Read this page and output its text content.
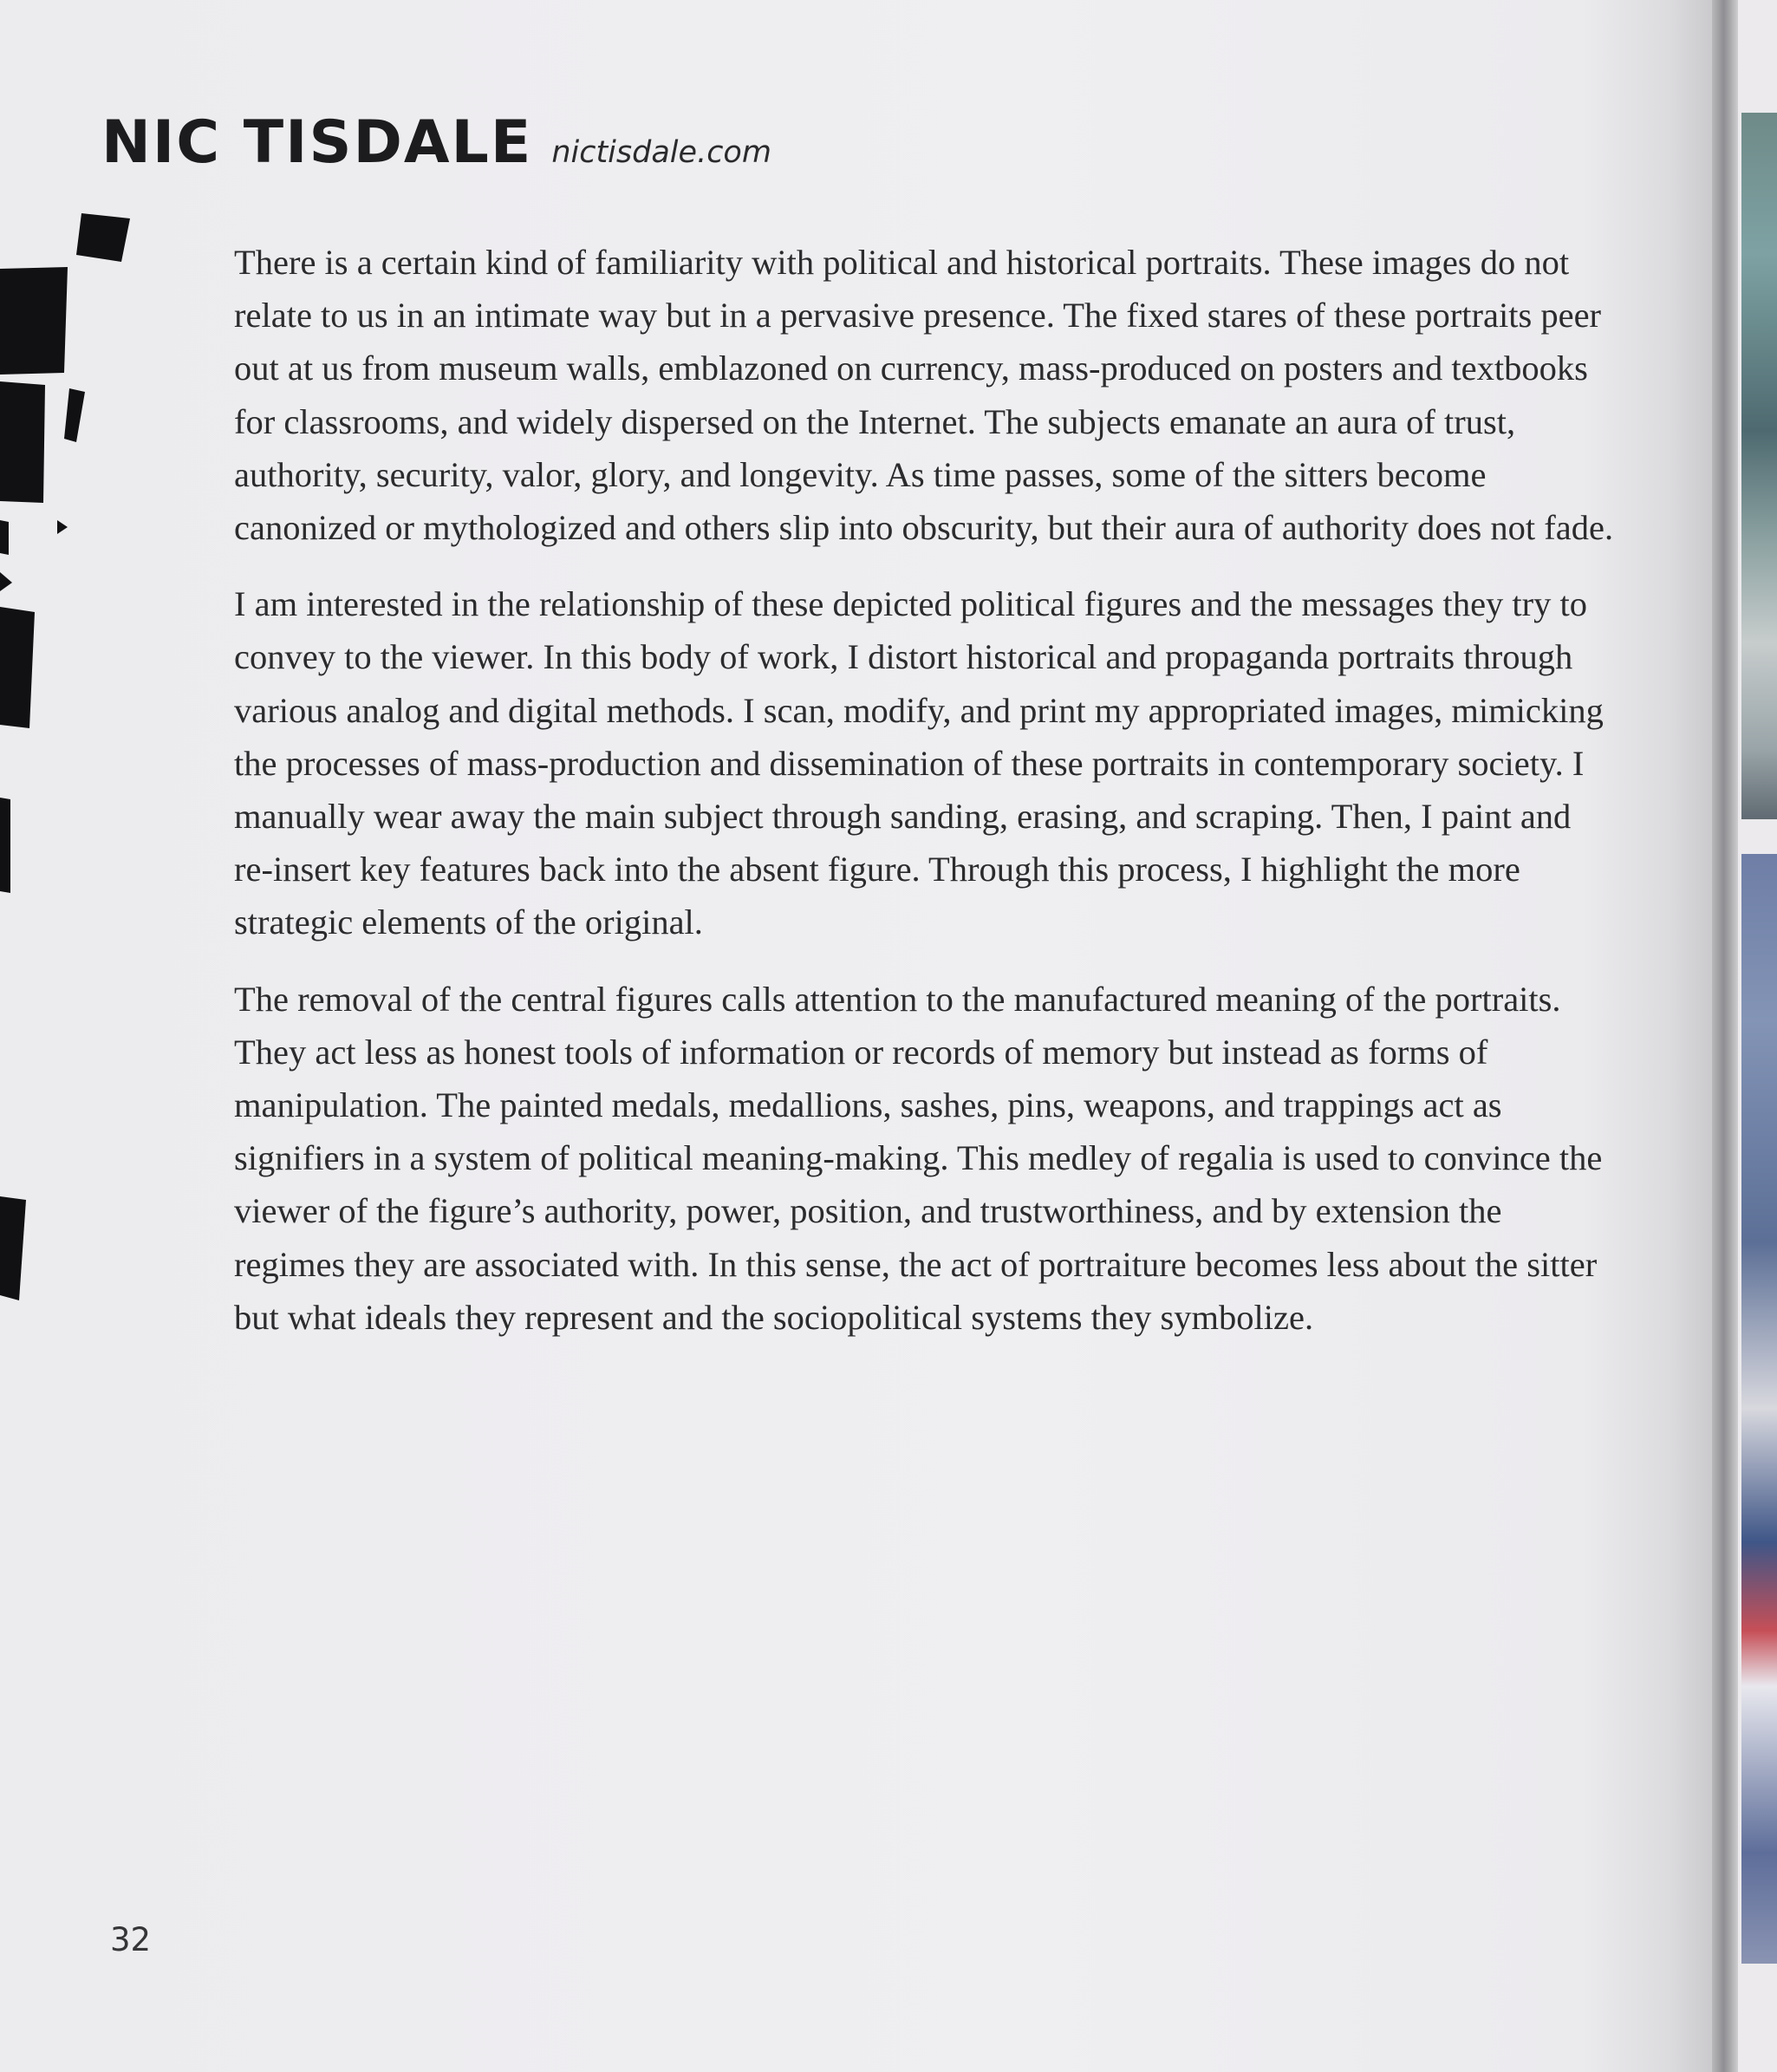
NIC TISDALE nictisdale.com

There is a certain kind of familiarity with political and historical portraits. These images do not relate to us in an intimate way but in a pervasive presence. The fixed stares of these portraits peer out at us from museum walls, emblazoned on currency, mass-produced on posters and textbooks for classrooms, and widely dispersed on the Internet. The subjects emanate an aura of trust, authority, security, valor, glory, and longevity. As time passes, some of the sitters become canonized or mythologized and others slip into obscurity, but their aura of authority does not fade.

I am interested in the relationship of these depicted political figures and the messages they try to convey to the viewer. In this body of work, I distort historical and propaganda portraits through various analog and digital methods. I scan, modify, and print my appropriated images, mimicking the processes of mass-production and dissemination of these portraits in contemporary society. I manually wear away the main subject through sanding, erasing, and scraping. Then, I paint and re-insert key features back into the absent figure. Through this process, I highlight the more strategic elements of the original.

The removal of the central figures calls attention to the manufactured meaning of the portraits. They act less as honest tools of information or records of memory but instead as forms of manipulation. The painted medals, medallions, sashes, pins, weapons, and trappings act as signifiers in a system of political meaning-making. This medley of regalia is used to convince the viewer of the figure’s authority, power, position, and trustworthiness, and by extension the regimes they are associated with. In this sense, the act of portraiture becomes less about the sitter but what ideals they represent and the sociopolitical systems they symbolize.

32
